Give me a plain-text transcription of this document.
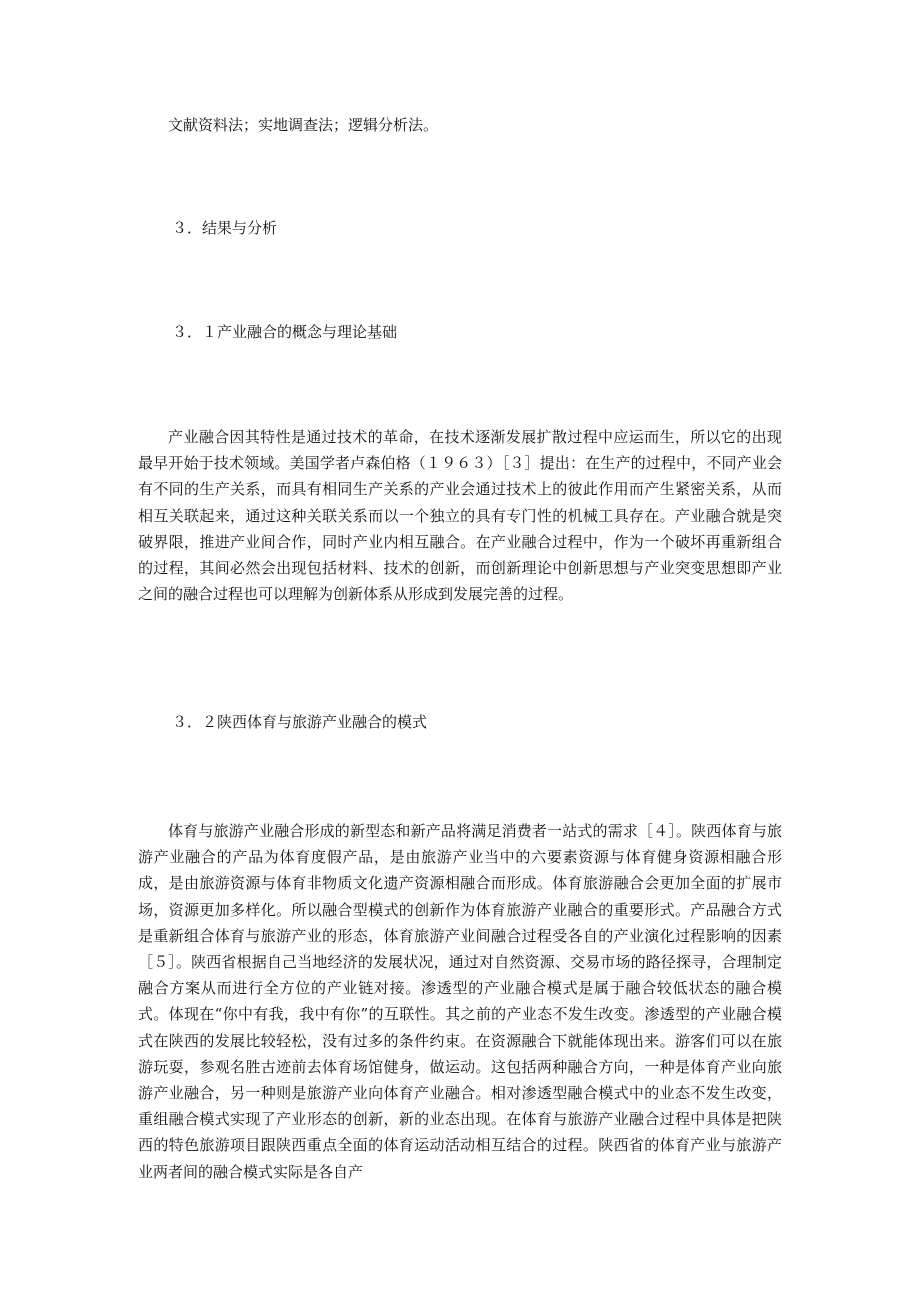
文献资料法；实地调查法；逻辑分析法。
３．结果与分析
３．１产业融合的概念与理论基础
产业融合因其特性是通过技术的革命，在技术逐渐发展扩散过程中应运而生，所以它的出现最早开始于技术领域。美国学者卢森伯格（１９６３）［３］提出：在生产的过程中，不同产业会有不同的生产关系，而具有相同生产关系的产业会通过技术上的彼此作用而产生紧密关系，从而相互关联起来，通过这种关联关系而以一个独立的具有专门性的机械工具存在。产业融合就是突破界限，推进产业间合作，同时产业内相互融合。在产业融合过程中，作为一个破坏再重新组合的过程，其间必然会出现包括材料、技术的创新，而创新理论中创新思想与产业突变思想即产业之间的融合过程也可以理解为创新体系从形成到发展完善的过程。
３．２陕西体育与旅游产业融合的模式
体育与旅游产业融合形成的新型态和新产品将满足消费者一站式的需求［４］。陕西体育与旅游产业融合的产品为体育度假产品，是由旅游产业当中的六要素资源与体育健身资源相融合形成，是由旅游资源与体育非物质文化遗产资源相融合而形成。体育旅游融合会更加全面的扩展市场，资源更加多样化。所以融合型模式的创新作为体育旅游产业融合的重要形式。产品融合方式是重新组合体育与旅游产业的形态，体育旅游产业间融合过程受各自的产业演化过程影响的因素［５］。陕西省根据自己当地经济的发展状况，通过对自然资源、交易市场的路径探寻，合理制定融合方案从而进行全方位的产业链对接。渗透型的产业融合模式是属于融合较低状态的融合模式。体现在“你中有我，我中有你”的互联性。其之前的产业态不发生改变。渗透型的产业融合模式在陕西的发展比较轻松，没有过多的条件约束。在资源融合下就能体现出来。游客们可以在旅游玩耍，参观名胜古迹前去体育场馆健身，做运动。这包括两种融合方向，一种是体育产业向旅游产业融合，另一种则是旅游产业向体育产业融合。相对渗透型融合模式中的业态不发生改变，重组融合模式实现了产业形态的创新，新的业态出现。在体育与旅游产业融合过程中具体是把陕西的特色旅游项目跟陕西重点全面的体育运动活动相互结合的过程。陕西省的体育产业与旅游产业两者间的融合模式实际是各自产
